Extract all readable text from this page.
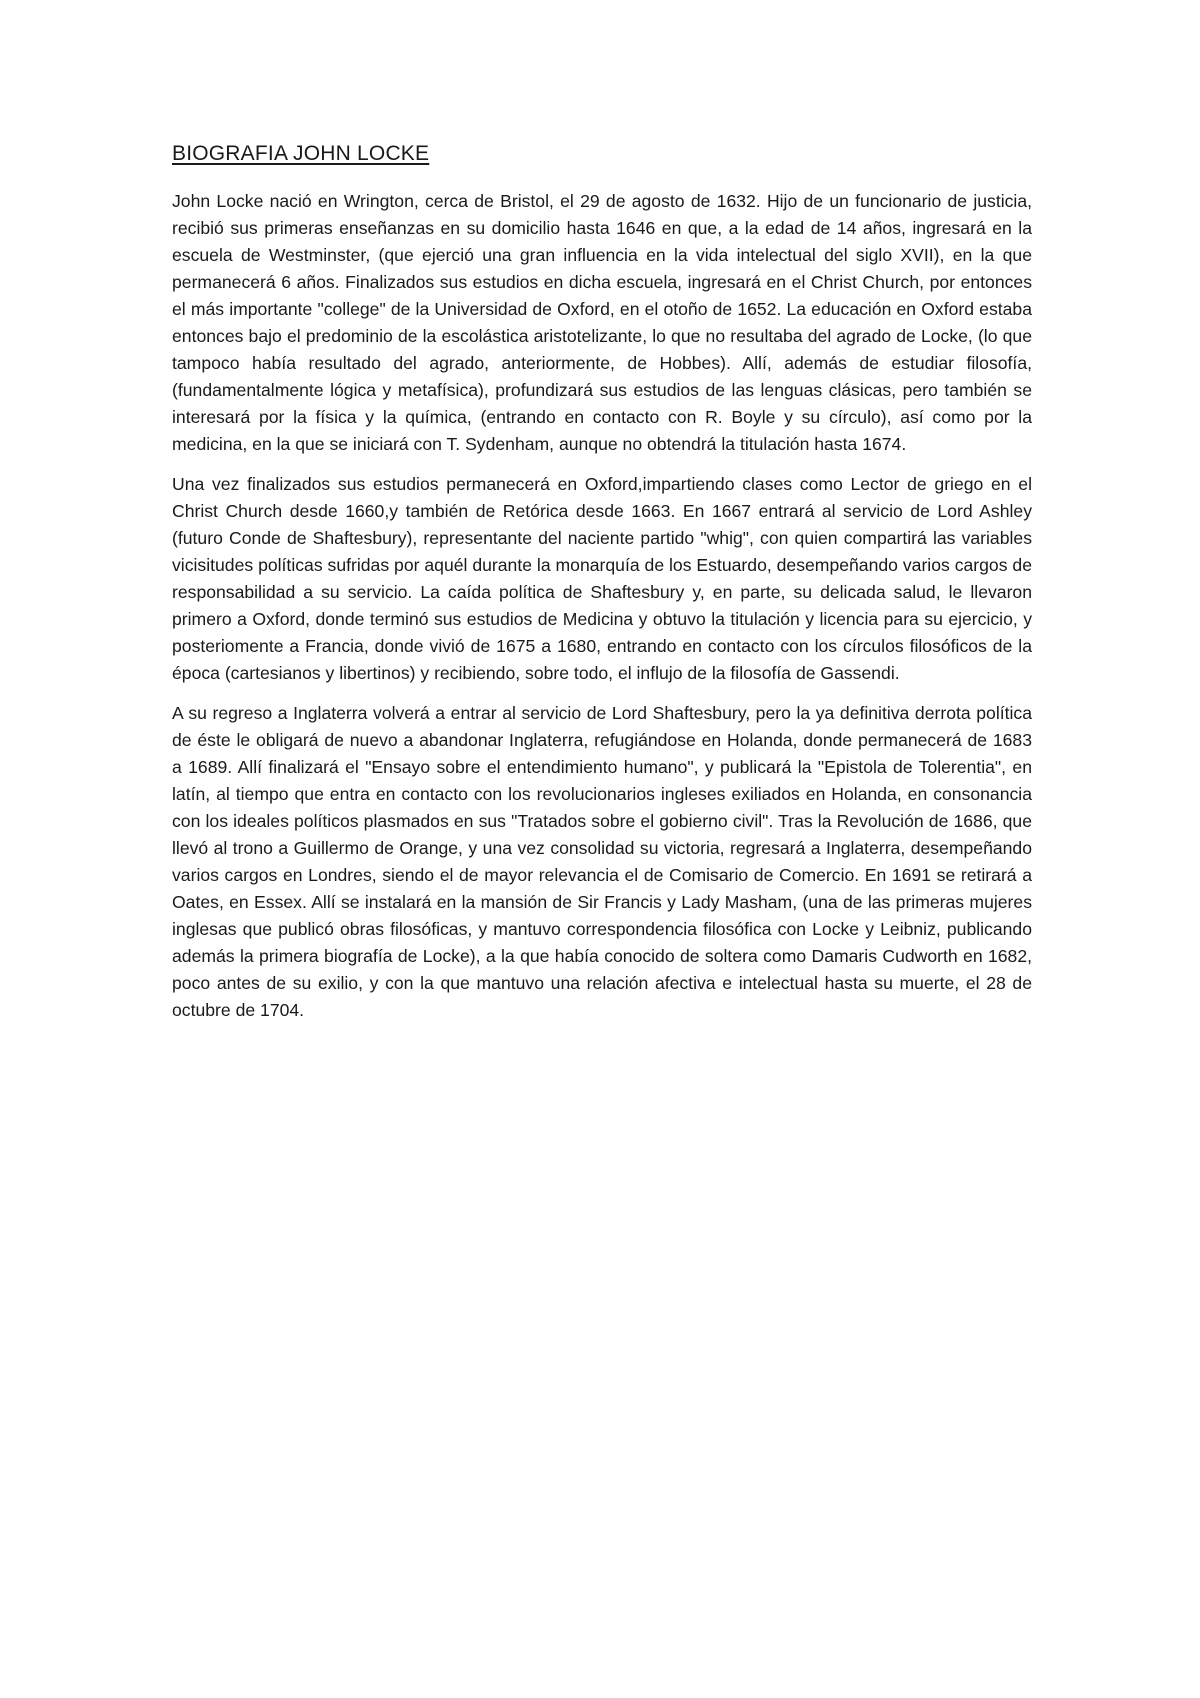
BIOGRAFIA JOHN LOCKE

John Locke nació en Wrington, cerca de Bristol, el 29 de agosto de 1632. Hijo de un funcionario de justicia, recibió sus primeras enseñanzas en su domicilio hasta 1646 en que, a la edad de 14 años, ingresará en la escuela de Westminster, (que ejerció una gran influencia en la vida intelectual del siglo XVII), en la que permanecerá 6 años. Finalizados sus estudios en dicha escuela, ingresará en el Christ Church, por entonces el más importante "college" de la Universidad de Oxford, en el otoño de 1652. La educación en Oxford estaba entonces bajo el predominio de la escolástica aristotelizante, lo que no resultaba del agrado de Locke, (lo que tampoco había resultado del agrado, anteriormente, de Hobbes). Allí, además de estudiar filosofía, (fundamentalmente lógica y metafísica), profundizará sus estudios de las lenguas clásicas, pero también se interesará por la física y la química, (entrando en contacto con R. Boyle y su círculo), así como por la medicina, en la que se iniciará con T. Sydenham, aunque no obtendrá la titulación hasta 1674.

Una vez finalizados sus estudios permanecerá en Oxford,impartiendo clases como Lector de griego en el Christ Church desde 1660,y también de Retórica desde 1663. En 1667 entrará al servicio de Lord Ashley (futuro Conde de Shaftesbury), representante del naciente partido "whig", con quien compartirá las variables vicisitudes políticas sufridas por aquél durante la monarquía de los Estuardo, desempeñando varios cargos de responsabilidad a su servicio. La caída política de Shaftesbury y, en parte, su delicada salud, le llevaron primero a Oxford, donde terminó sus estudios de Medicina y obtuvo la titulación y licencia para su ejercicio, y posteriomente a Francia, donde vivió de 1675 a 1680, entrando en contacto con los círculos filosóficos de la época (cartesianos y libertinos) y recibiendo, sobre todo, el influjo de la filosofía de Gassendi.

A su regreso a Inglaterra volverá a entrar al servicio de Lord Shaftesbury, pero la ya definitiva derrota política de éste le obligará de nuevo a abandonar Inglaterra, refugiándose en Holanda, donde permanecerá de 1683 a 1689. Allí finalizará el "Ensayo sobre el entendimiento humano", y publicará la "Epistola de Tolerentia", en latín, al tiempo que entra en contacto con los revolucionarios ingleses exiliados en Holanda, en consonancia con los ideales políticos plasmados en sus "Tratados sobre el gobierno civil". Tras la Revolución de 1686, que llevó al trono a Guillermo de Orange, y una vez consolidad su victoria, regresará a Inglaterra, desempeñando varios cargos en Londres, siendo el de mayor relevancia el de Comisario de Comercio. En 1691 se retirará a Oates, en Essex. Allí se instalará en la mansión de Sir Francis y Lady Masham, (una de las primeras mujeres inglesas que publicó obras filosóficas, y mantuvo correspondencia filosófica con Locke y Leibniz, publicando además la primera biografía de Locke), a la que había conocido de soltera como Damaris Cudworth en 1682, poco antes de su exilio, y con la que mantuvo una relación afectiva e intelectual hasta su muerte, el 28 de octubre de 1704.
